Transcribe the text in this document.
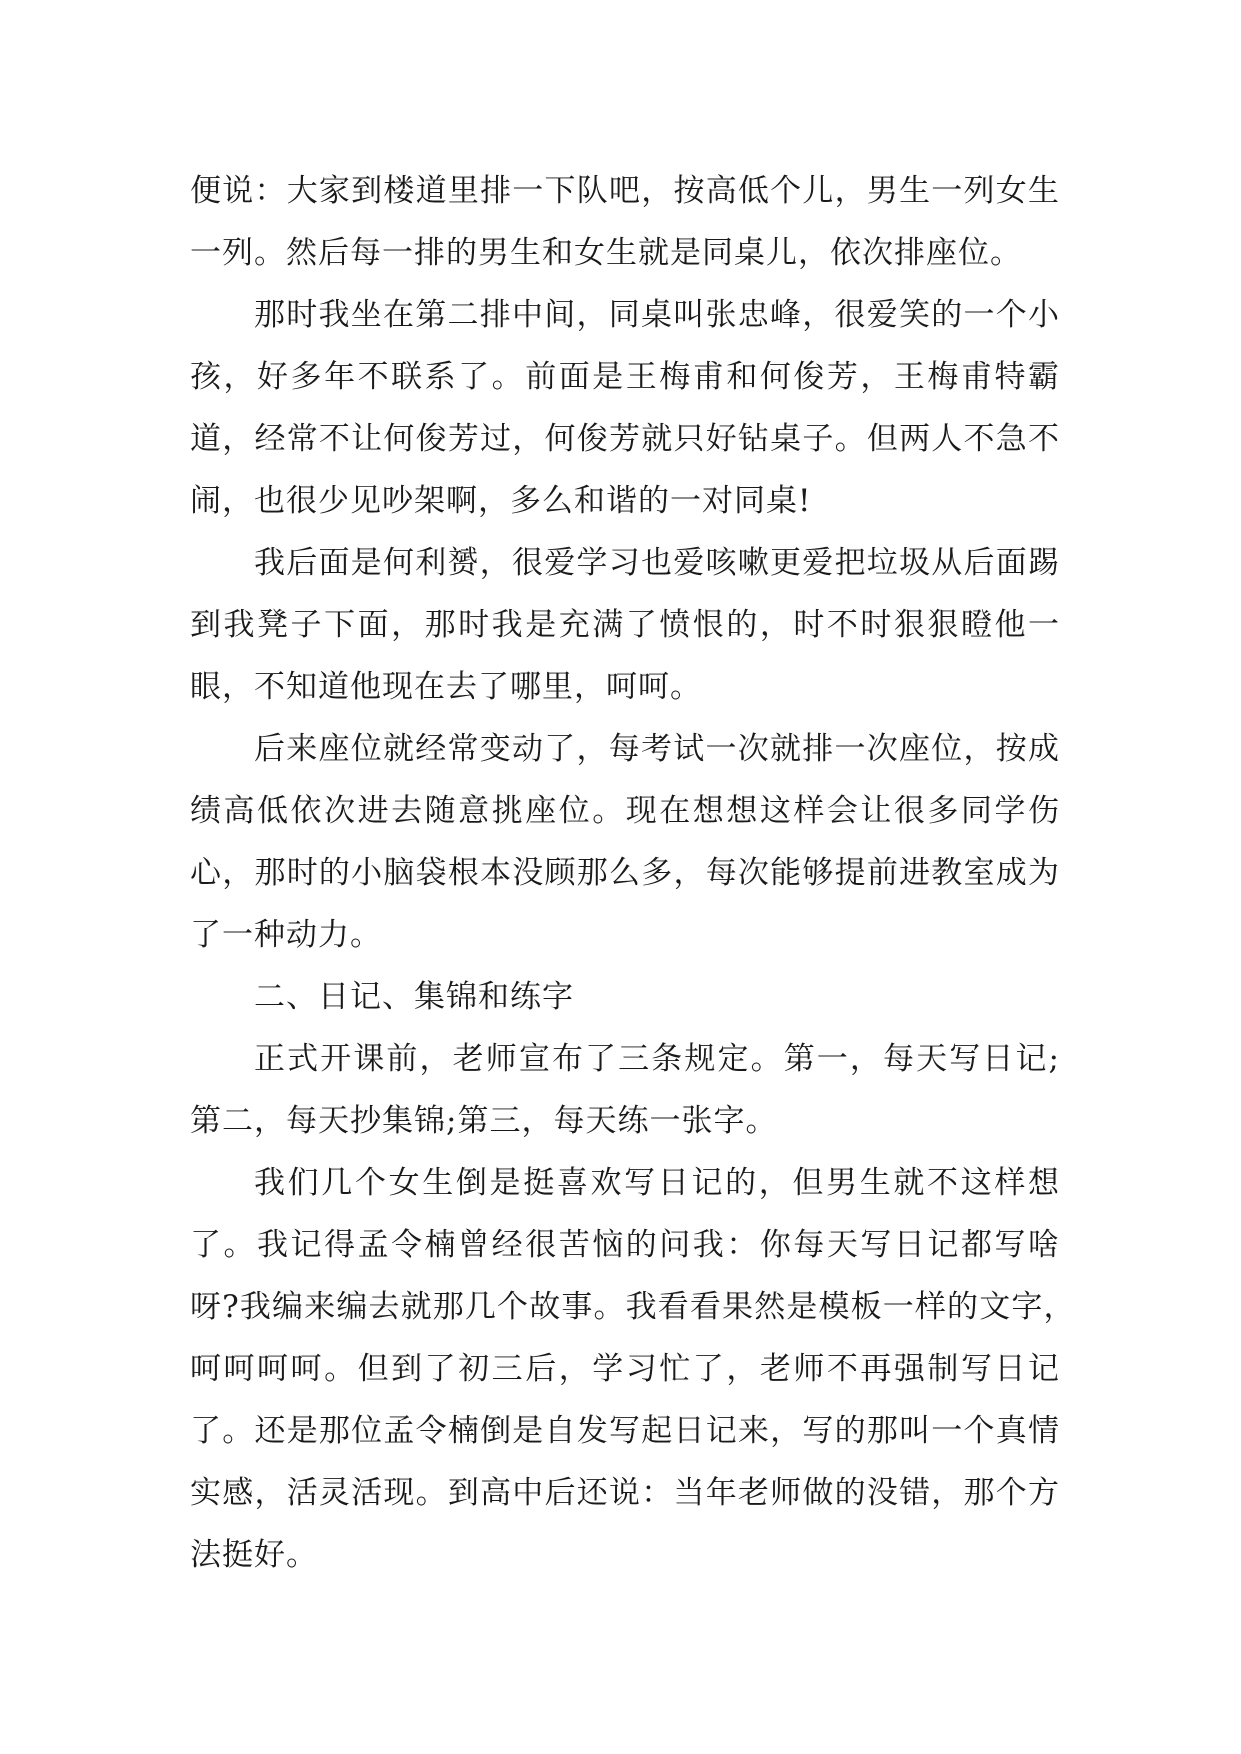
便说：大家到楼道里排一下队吧，按高低个儿，男生一列女生一列。然后每一排的男生和女生就是同桌儿，依次排座位。

那时我坐在第二排中间，同桌叫张忠峰，很爱笑的一个小孩，好多年不联系了。前面是王梅甫和何俊芳，王梅甫特霸道，经常不让何俊芳过，何俊芳就只好钻桌子。但两人不急不闹，也很少见吵架啊，多么和谐的一对同桌!

我后面是何利赟，很爱学习也爱咳嗽更爱把垃圾从后面踢到我凳子下面，那时我是充满了愤恨的，时不时狠狠瞪他一眼，不知道他现在去了哪里，呵呵。

后来座位就经常变动了，每考试一次就排一次座位，按成绩高低依次进去随意挑座位。现在想想这样会让很多同学伤心，那时的小脑袋根本没顾那么多，每次能够提前进教室成为了一种动力。

二、日记、集锦和练字

正式开课前，老师宣布了三条规定。第一，每天写日记;第二，每天抄集锦;第三，每天练一张字。

我们几个女生倒是挺喜欢写日记的，但男生就不这样想了。我记得孟令楠曾经很苦恼的问我：你每天写日记都写啥呀?我编来编去就那几个故事。我看看果然是模板一样的文字，　　呵呵呵呵。但到了初三后，学习忙了，老师不再强制写日记了。还是那位孟令楠倒是自发写起日记来，写的那叫一个真情实感，活灵活现。到高中后还说：当年老师做的没错，那个方法挺好。
